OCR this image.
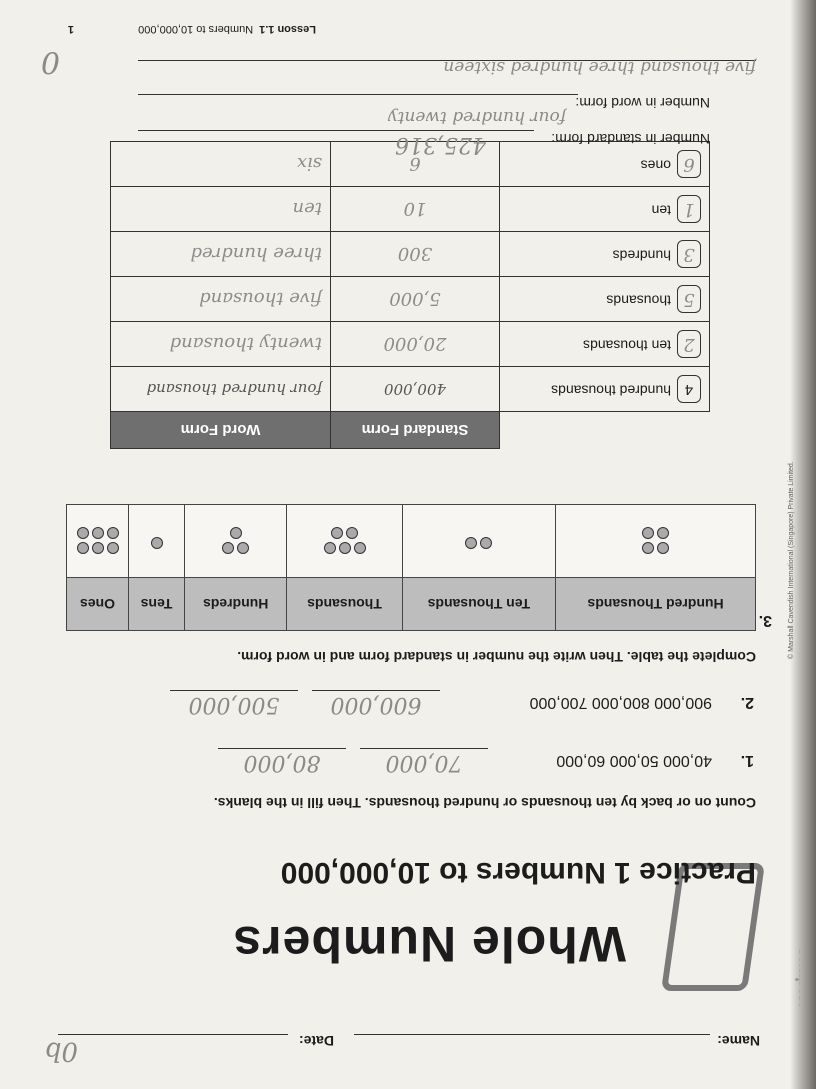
0b	Name:
Date:
Chapter
1
Whole Numbers
Practice 1 Numbers to 10,000,000
Count on or back by ten thousands or hundred thousands. Then fill in the blanks.
1.
40,000 50,000 60,000
70,000
80,000
2.
900,000 800,000 700,000
600,000
500,000
Complete the table. Then write the number in standard form and in word form.
3.
Hundred Thousands	Ten Thousands	Thousands	Hundreds	Tens	Ones

	Standard Form	Word Form
4hundred thousands	400,000	four hundred thousand
2ten thousands	20,000	twenty thousand
5thousands	5,000	five thousand
3hundreds	300	three hundred
1ten	10	ten
6ones	6	six
Number in standard form:
425,316
Number in word form:
four hundred twenty
five thousand three hundred sixteen
0
Lesson 1.1Numbers to 10,000,000
1
© Marshall Cavendish International (Singapore) Private Limited.
